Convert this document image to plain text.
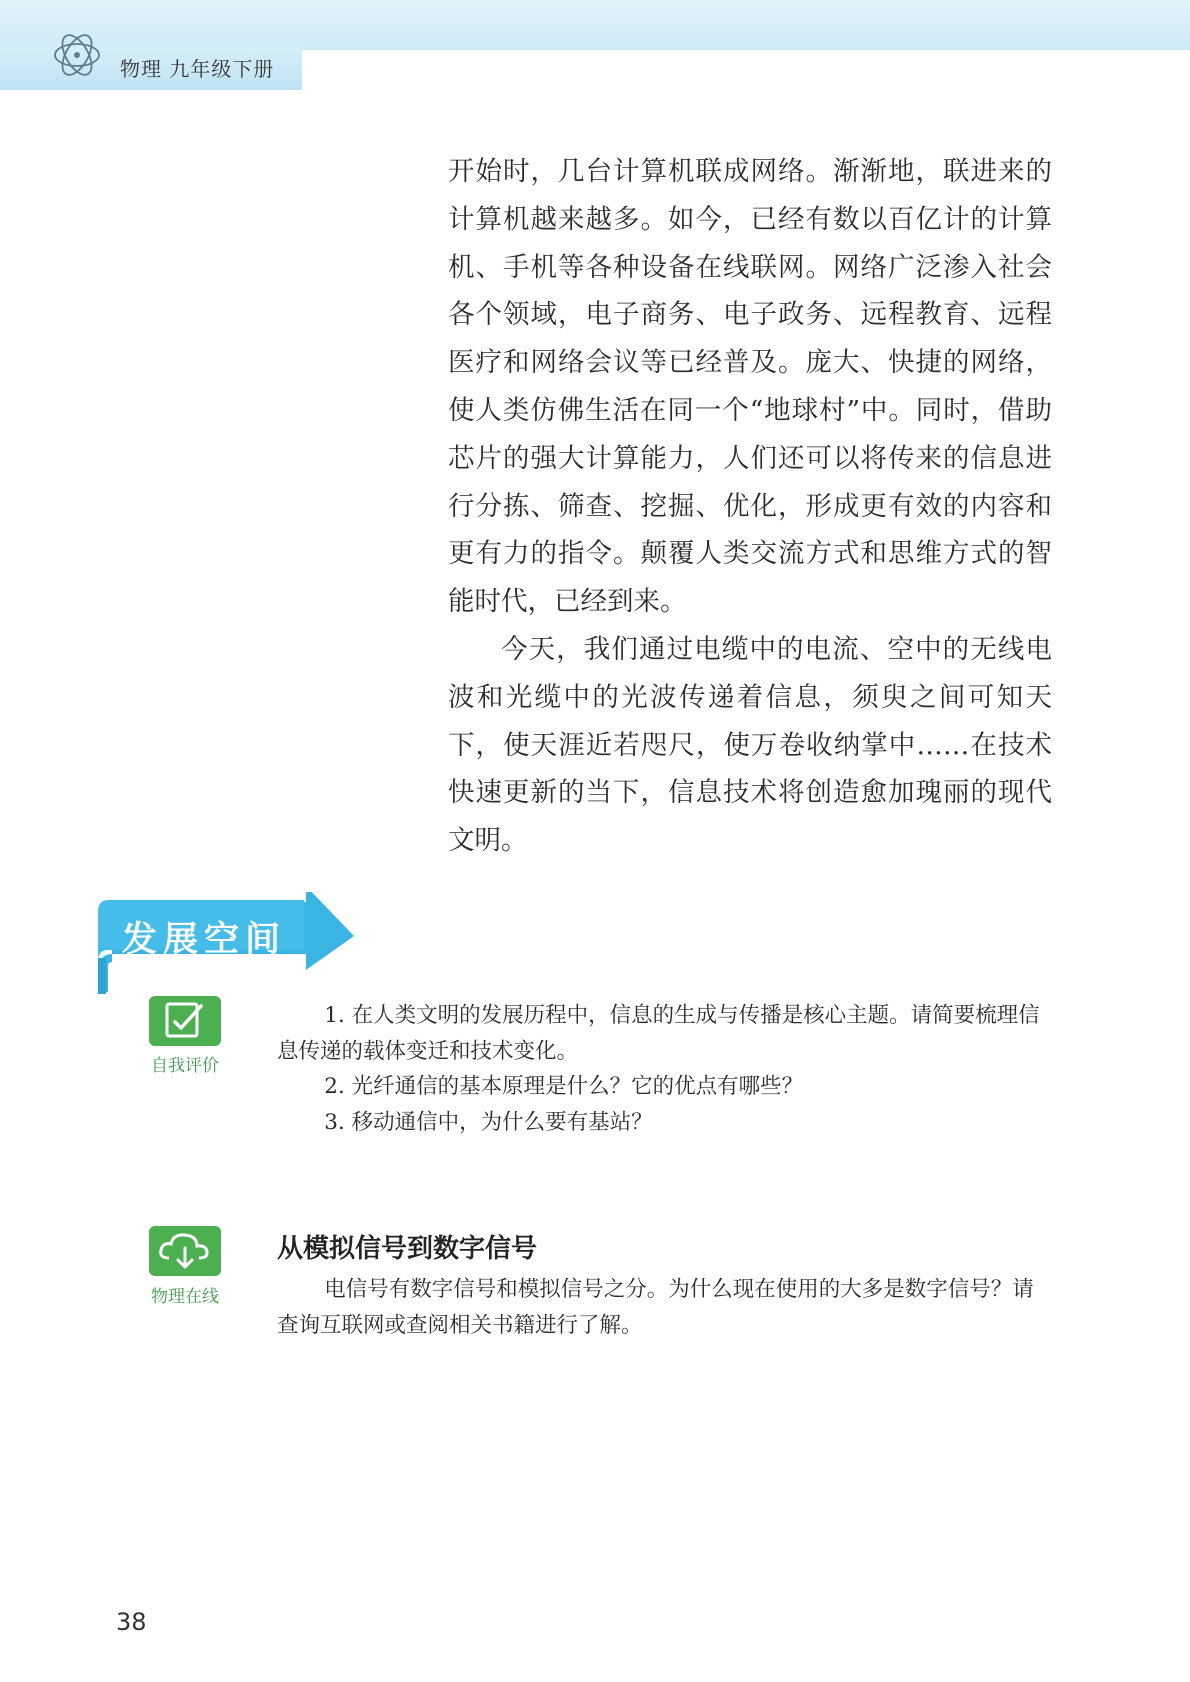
物理 九年级下册

开始时，几台计算机联成网络。渐渐地，联进来的计算机越来越多。如今，已经有数以百亿计的计算机、手机等各种设备在线联网。网络广泛渗入社会各个领域，电子商务、电子政务、远程教育、远程医疗和网络会议等已经普及。庞大、快捷的网络，使人类仿佛生活在同一个“地球村”中。同时，借助芯片的强大计算能力，人们还可以将传来的信息进行分拣、筛查、挖掘、优化，形成更有效的内容和更有力的指令。颠覆人类交流方式和思维方式的智能时代，已经到来。

今天，我们通过电缆中的电流、空中的无线电波和光缆中的光波传递着信息，须臾之间可知天下，使天涯近若咫尺，使万卷收纳掌中……在技术快速更新的当下，信息技术将创造愈加瑰丽的现代文明。

发展空间
自我评价

1. 在人类文明的发展历程中，信息的生成与传播是核心主题。请简要梳理信息传递的载体变迁和技术变化。

2. 光纤通信的基本原理是什么？它的优点有哪些？

3. 移动通信中，为什么要有基站？

物理在线
从模拟信号到数字信号

电信号有数字信号和模拟信号之分。为什么现在使用的大多是数字信号？请查询互联网或查阅相关书籍进行了解。

38
